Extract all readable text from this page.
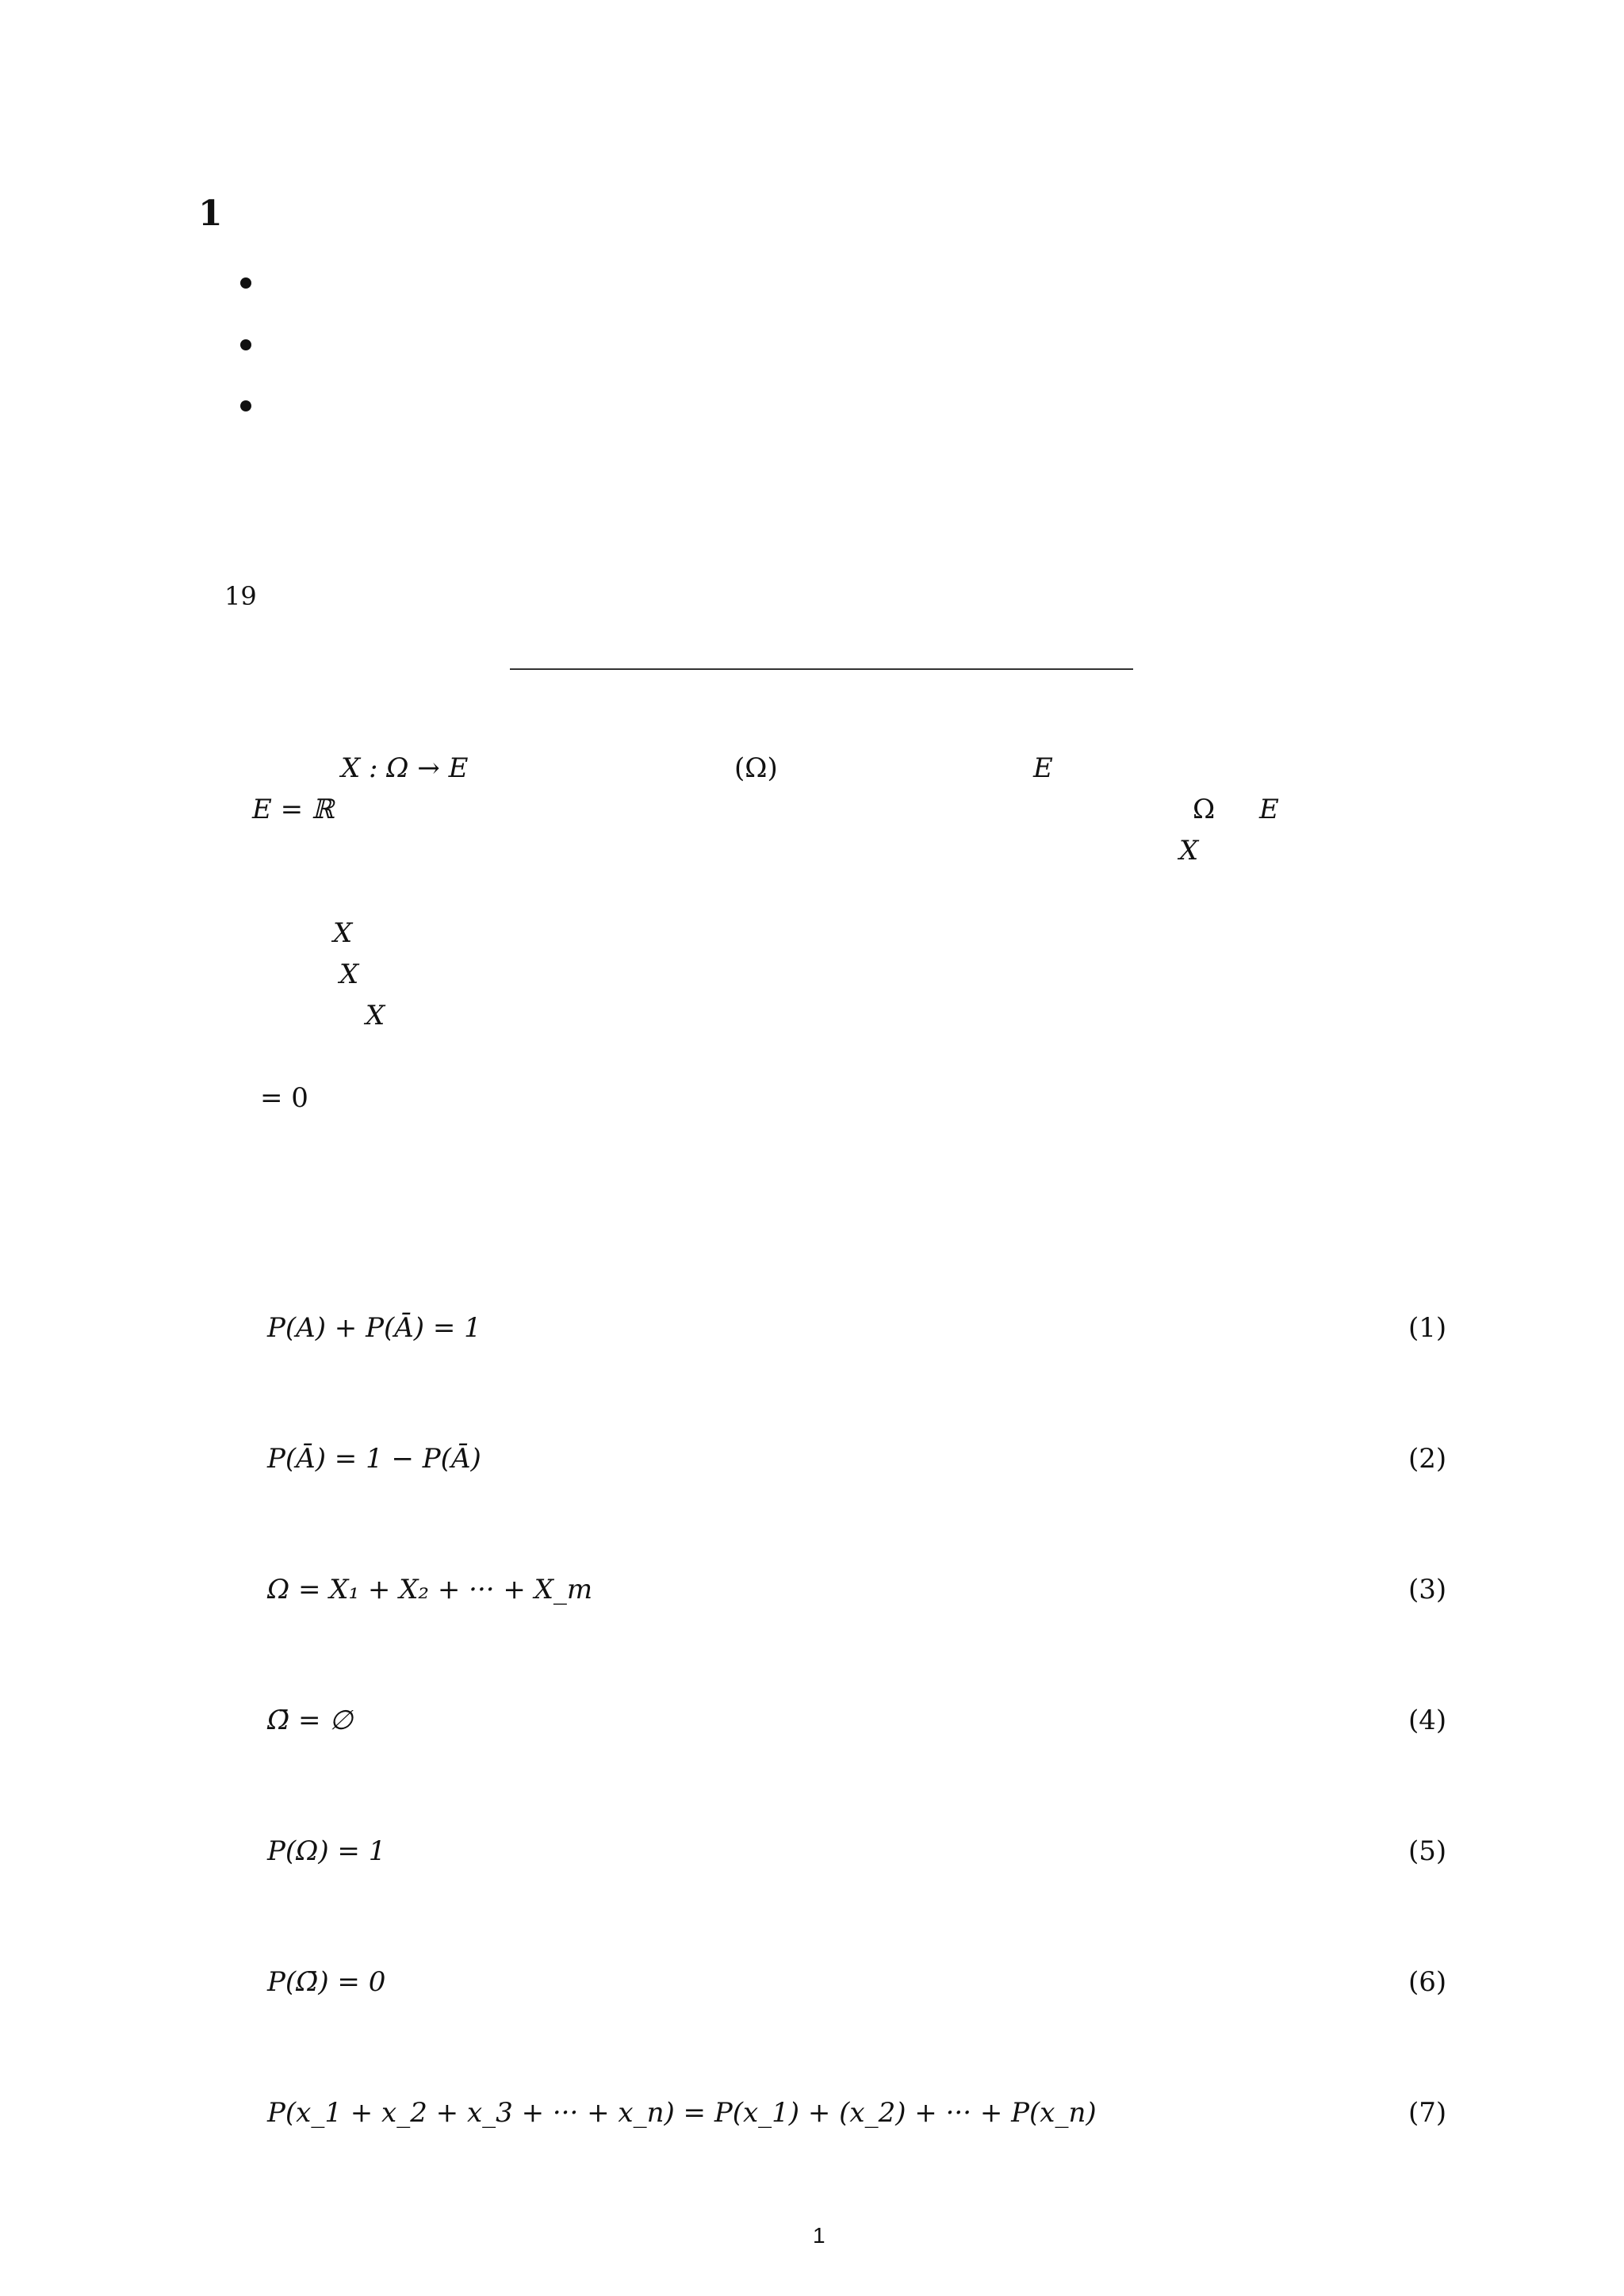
1
19
X : Ω → E	(Ω)	E
E = ℝ	Ω E
X
X
X
X
= 0
P(A) + P(Ā) = 1	(1)
P(Ā) = 1 − P(Ā)	(2)
Ω = X₁ + X₂ + ··· + X_m	(3)
Ω̄ = ∅	(4)
P(Ω) = 1	(5)
P(Ω̄) = 0	(6)
P(x_1 + x_2 + x_3 + ··· + x_n) = P(x_1) + (x_2) + ··· + P(x_n)	(7)
1
